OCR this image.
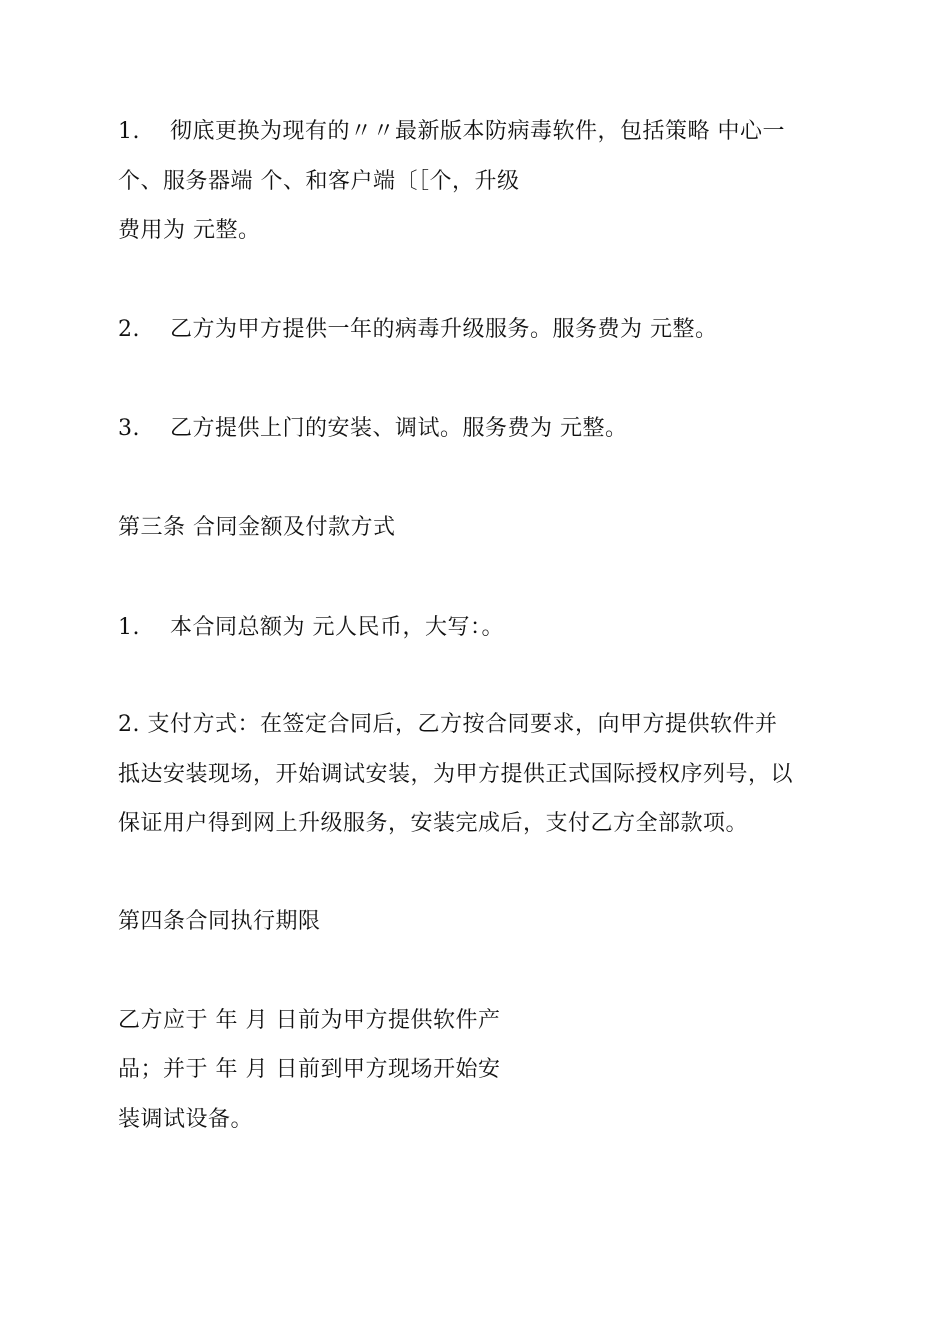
1.    彻底更换为现有的〃〃最新版本防病毒软件，包括策略 中心一
个、服务器端 个、和客户端〔［个，升级
费用为 元整。
2.    乙方为甲方提供一年的病毒升级服务。服务费为 元整。
3.    乙方提供上门的安装、调试。服务费为 元整。
第三条 合同金额及付款方式
1.    本合同总额为 元人民币，大写：。
2. 支付方式：在签定合同后，乙方按合同要求，向甲方提供软件并
抵达安装现场，开始调试安装，为甲方提供正式国际授权序列号，以
保证用户得到网上升级服务，安装完成后，支付乙方全部款项。
第四条合同执行期限
乙方应于 年 月 日前为甲方提供软件产
品；并于 年 月 日前到甲方现场开始安
装调试设备。
